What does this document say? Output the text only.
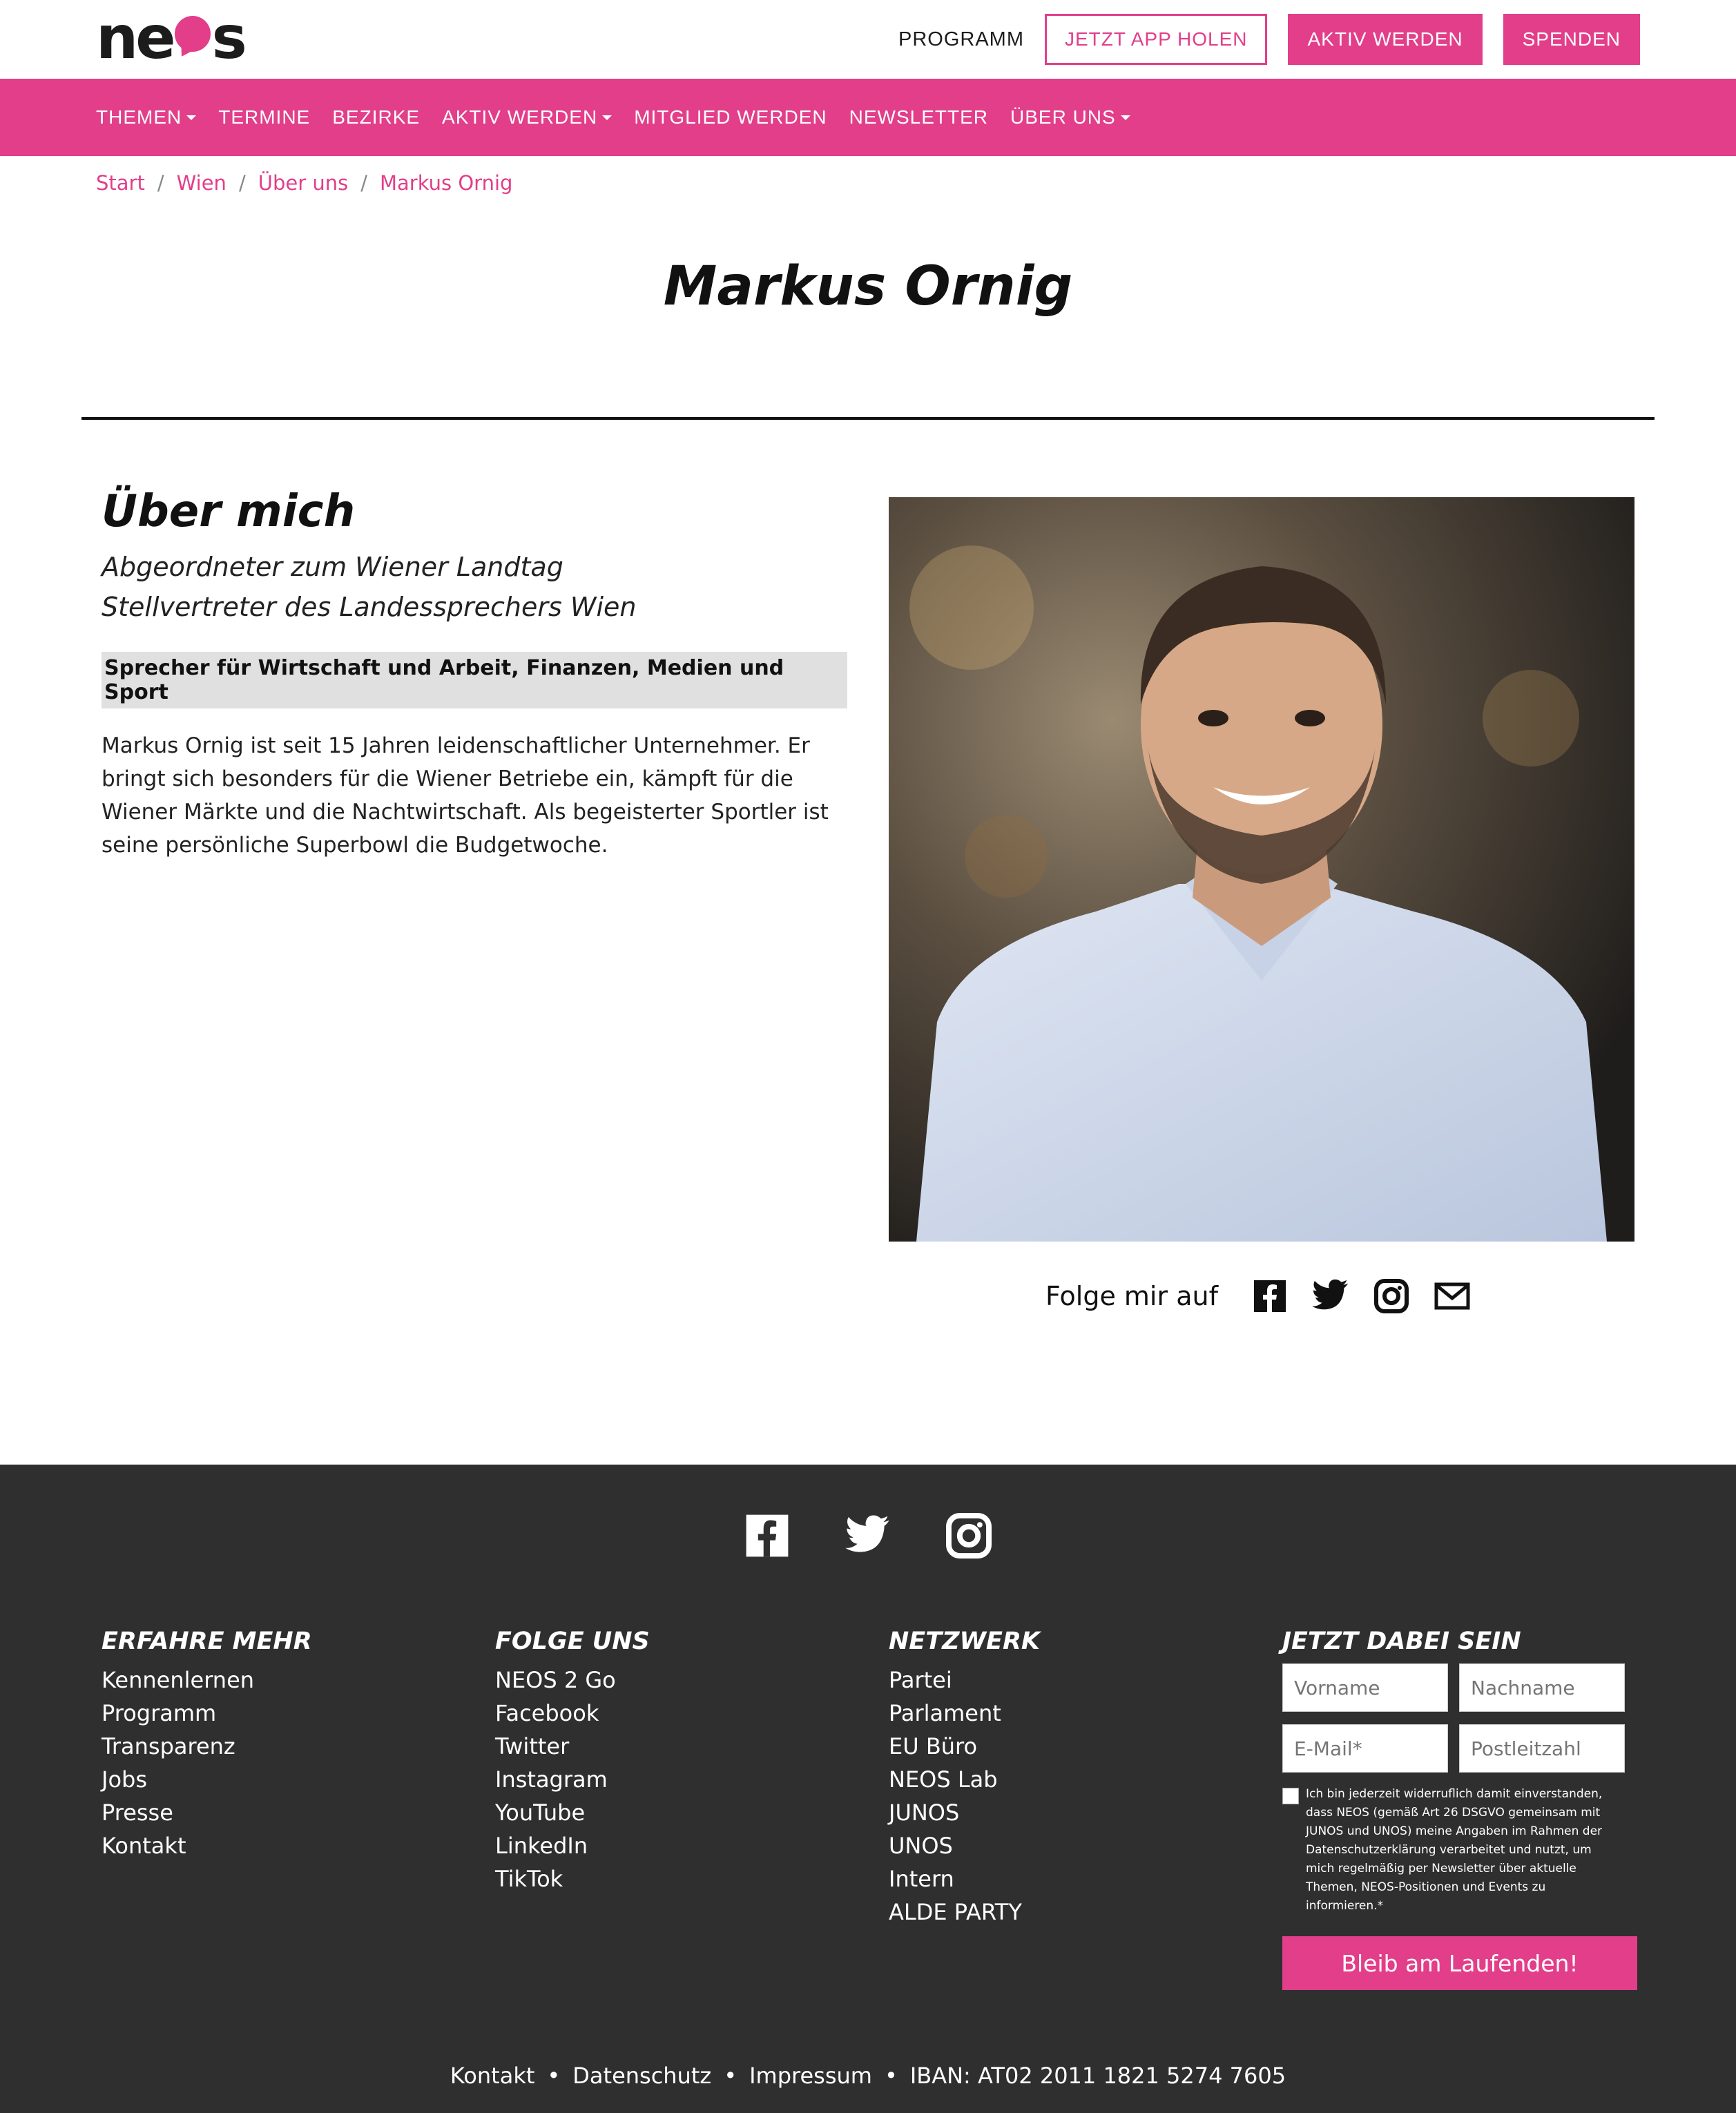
ne s	PROGRAMM	JETZT APP HOLEN	AKTIV WERDEN	SPENDEN
THEMEN TERMINE BEZIRKE AKTIV WERDEN MITGLIED WERDEN NEWSLETTER ÜBER UNS
Start / Wien / Über uns / Markus Ornig
Markus Ornig
Über mich
Abgeordneter zum Wiener Landtag
Stellvertreter des Landessprechers Wien
Sprecher für Wirtschaft und Arbeit, Finanzen, Medien und Sport

Markus Ornig ist seit 15 Jahren leidenschaftlicher Unternehmer. Er bringt sich besonders für die Wiener Betriebe ein, kämpft für die Wiener Märkte und die Nachtwirtschaft. Als begeisterter Sportler ist seine persönliche Superbowl die Budgetwoche.

Folge mir auf
ERFAHRE MEHR
Kennenlernen
Programm
Transparenz
Jobs
Presse
Kontakt
FOLGE UNS
NEOS 2 Go
Facebook
Twitter
Instagram
YouTube
LinkedIn
TikTok
NETZWERK
Partei
Parlament
EU Büro
NEOS Lab
JUNOS
UNOS
Intern
ALDE PARTY
JETZT DABEI SEIN
Vorname
Nachname
E-Mail*
Postleitzahl
Ich bin jederzeit widerruflich damit einverstanden, dass NEOS (gemäß Art 26 DSGVO gemeinsam mit JUNOS und UNOS) meine Angaben im Rahmen der Datenschutzerklärung verarbeitet und nutzt, um mich regelmäßig per Newsletter über aktuelle Themen, NEOS-Positionen und Events zu informieren.*
Bleib am Laufenden!
Kontakt • Datenschutz • Impressum • IBAN: AT02 2011 1821 5274 7605
